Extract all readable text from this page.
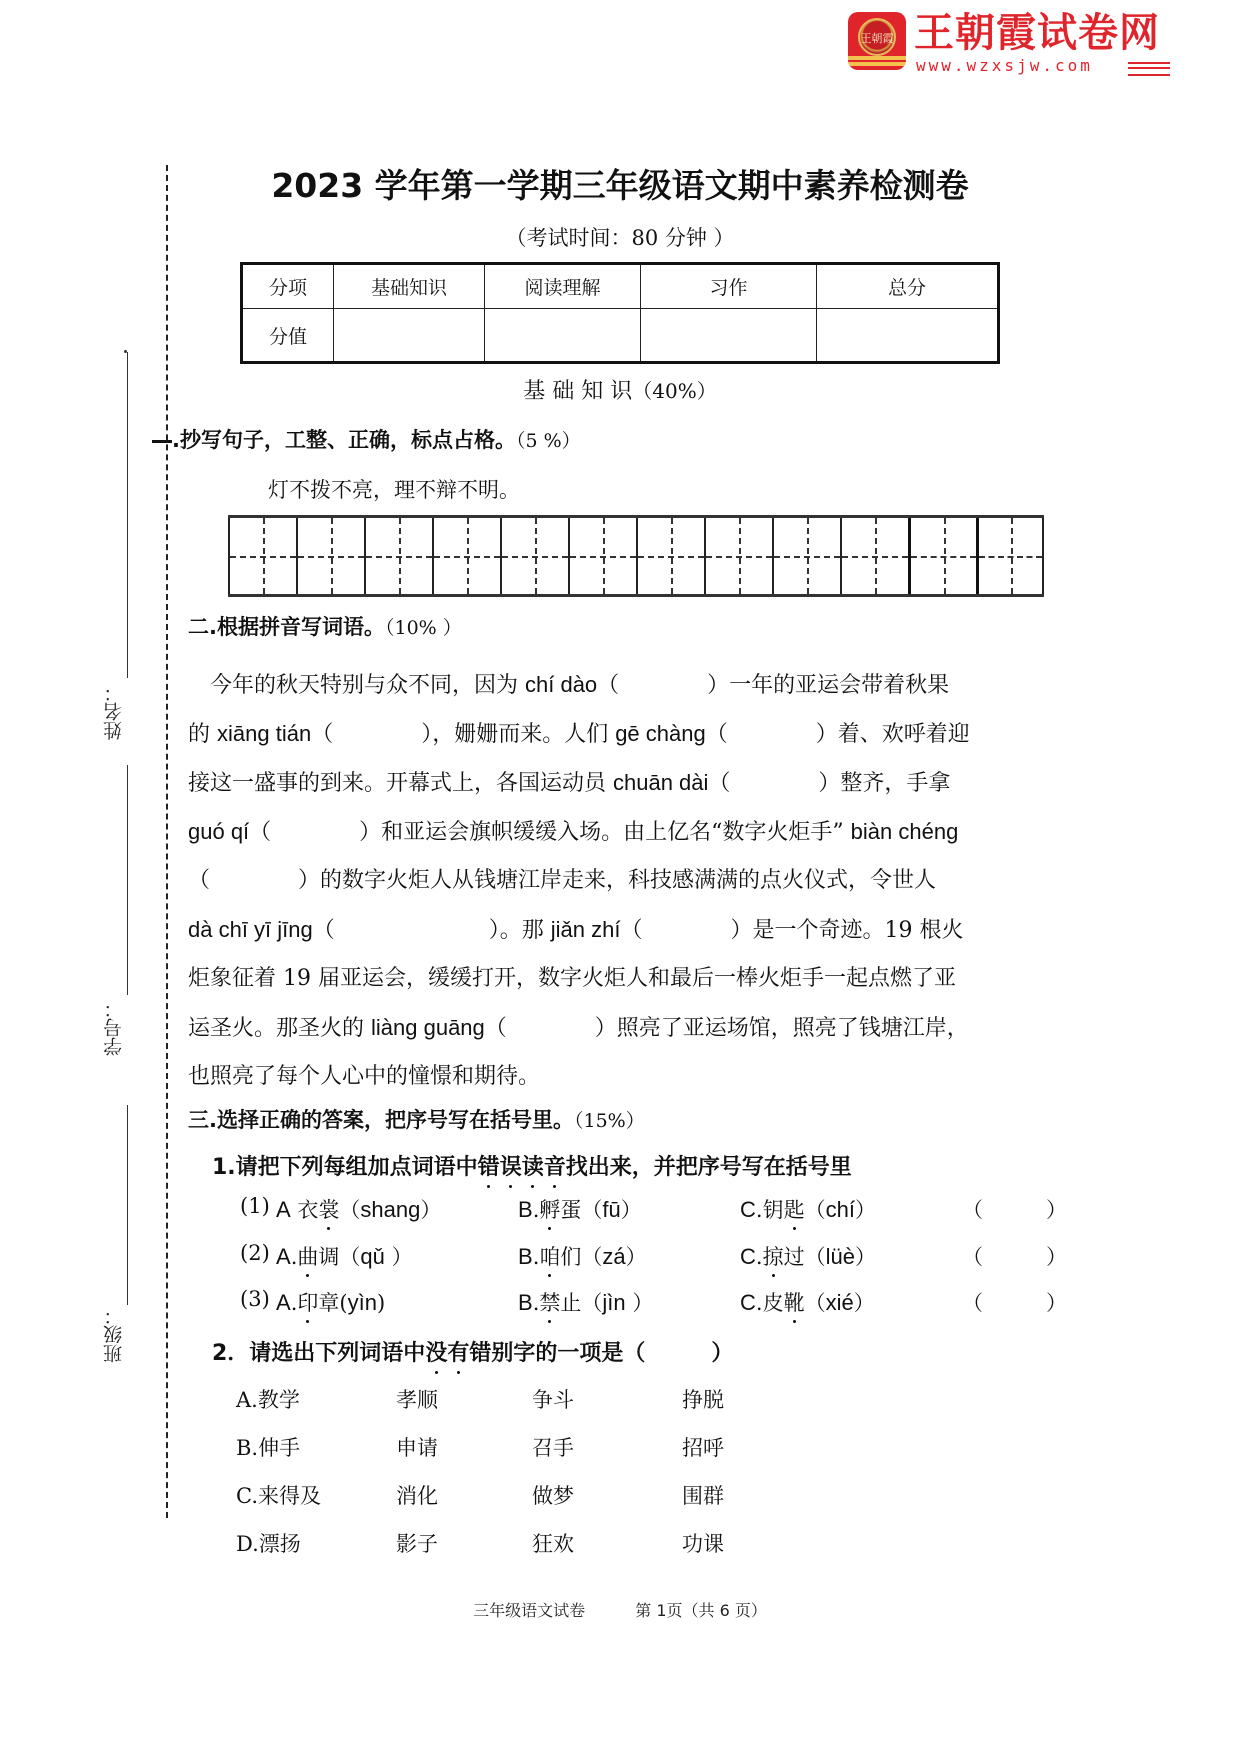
王朝霞 王朝霞试卷网
www.wzxsjw.com
姓名：
学号：
班级：
2023 学年第一学期三年级语文期中素养检测卷
（考试时间：80 分钟 ）
分项	基础知识	阅读理解	习作	总分
分值				
基 础 知 识（40%）
.抄写句子，工整、正确，标点占格。（5 %）
灯不拨不亮，理不辩不明。
二.根据拼音写词语。（10% ）
　今年的秋天特别与众不同，因为 chí dào（　　　　）一年的亚运会带着秋果
的 xiāng tián（　　　　），姗姗而来。人们 gē chàng（　　　　）着、欢呼着迎
接这一盛事的到来。开幕式上，各国运动员 chuān dài（　　　　）整齐，手拿
guó qí（　　　　）和亚运会旗帜缓缓入场。由上亿名“数字火炬手” biàn chéng
（　　　　）的数字火炬人从钱塘江岸走来，科技感满满的点火仪式，令世人
dà chī yī jīng（　　　　　　　）。那 jiǎn zhí（　　　　）是一个奇迹。19 根火
炬象征着 19 届亚运会，缓缓打开，数字火炬人和最后一棒火炬手一起点燃了亚
运圣火。那圣火的 liàng guāng（　　　　）照亮了亚运场馆，照亮了钱塘江岸，
也照亮了每个人心中的憧憬和期待。
三.选择正确的答案，把序号写在括号里。（15%）
1.请把下列每组加点词语中错误读音找出来，并把序号写在括号里
(1) A 衣裳（shang）	B.孵蛋（fū）	C.钥匙（chí）	（　　　	）
(2) A.曲调（qǔ ）	B.咱们（zá）	C.掠过（lüè）	（　　　	）
(3) A.印章(yìn)	B.禁止（jìn ）	C.皮靴（xié）	（　　　	）
2．请选出下列词语中没有错别字的一项是（　　　）
A.教学	孝顺	争斗	挣脱
B.伸手	申请	召手	招呼
C.来得及	消化	做梦	围群
D.漂扬	影子	狂欢	功课
三年级语文试卷	第 1页（共 6 页）
